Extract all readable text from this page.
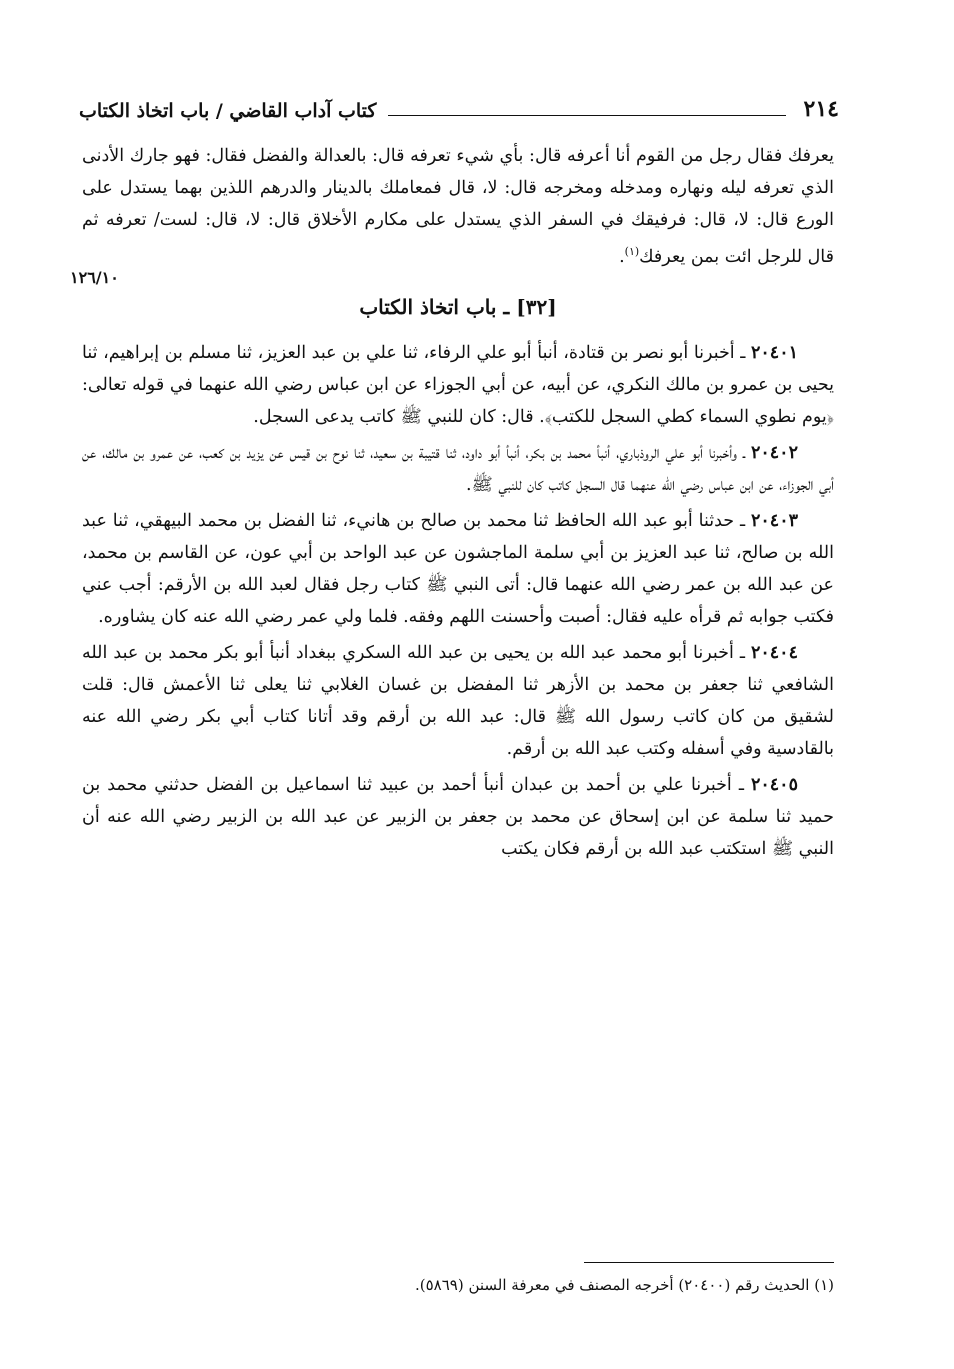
٢١٤
كتاب آداب القاضي / باب اتخاذ الكتاب
١٢٦/١٠

يعرفك فقال رجل من القوم أنا أعرفه قال: بأي شيء تعرفه قال: بالعدالة والفضل فقال: فهو جارك الأدنى الذي تعرفه ليله ونهاره ومدخله ومخرجه قال: لا، قال فمعاملك بالدينار والدرهم اللذين بهما يستدل على الورع قال: لا، قال: فرفيقك في السفر الذي يستدل على مكارم الأخلاق قال: لا، قال: لست/ تعرفه ثم قال للرجل ائت بمن يعرفك$^{(١)}$.

[٣٢] ـ باب اتخاذ الكتاب

٢٠٤٠١ ـ أخبرنا أبو نصر بن قتادة، أنبأ أبو علي الرفاء، ثنا علي بن عبد العزيز، ثنا مسلم بن إبراهيم، ثنا يحيى بن عمرو بن مالك النكري، عن أبيه، عن أبي الجوزاء عن ابن عباس رضي الله عنهما في قوله تعالى: ﴿يوم نطوي السماء كطي السجل للكتب﴾. قال: كان للنبي ﷺ كاتب يدعى السجل.

٢٠٤٠٢ ـ وأخبرنا أبو علي الروذباري، أنبأ محمد بن بكر، أنبأ أبو داود، ثنا قتيبة بن سعيد، ثنا نوح بن قيس عن يزيد بن كعب، عن عمرو بن مالك، عن أبي الجوزاء، عن ابن عباس رضي الله عنهما قال السجل كاتب كان للنبي ﷺ.

٢٠٤٠٣ ـ حدثنا أبو عبد الله الحافظ ثنا محمد بن صالح بن هانيء، ثنا الفضل بن محمد البيهقي، ثنا عبد الله بن صالح، ثنا عبد العزيز بن أبي سلمة الماجشون عن عبد الواحد بن أبي عون، عن القاسم بن محمد، عن عبد الله بن عمر رضي الله عنهما قال: أتى النبي ﷺ كتاب رجل فقال لعبد الله بن الأرقم: أجب عني فكتب جوابه ثم قرأه عليه فقال: أصبت وأحسنت اللهم وفقه. فلما ولي عمر رضي الله عنه كان يشاوره.

٢٠٤٠٤ ـ أخبرنا أبو محمد عبد الله بن يحيى بن عبد الله السكري ببغداد أنبأ أبو بكر محمد بن عبد الله الشافعي ثنا جعفر بن محمد بن الأزهر ثنا المفضل بن غسان الغلابي ثنا يعلى ثنا الأعمش قال: قلت لشقيق من كان كاتب رسول الله ﷺ قال: عبد الله بن أرقم وقد أتانا كتاب أبي بكر رضي الله عنه بالقادسية وفي أسفله وكتب عبد الله بن أرقم.

٢٠٤٠٥ ـ أخبرنا علي بن أحمد بن عبدان أنبأ أحمد بن عبيد ثنا اسماعيل بن الفضل حدثني محمد بن حميد ثنا سلمة عن ابن إسحاق عن محمد بن جعفر بن الزبير عن عبد الله بن الزبير رضي الله عنه أن النبي ﷺ استكتب عبد الله بن أرقم فكان يكتب

(١) الحديث رقم (٢٠٤٠٠) أخرجه المصنف في معرفة السنن (٥٨٦٩).
